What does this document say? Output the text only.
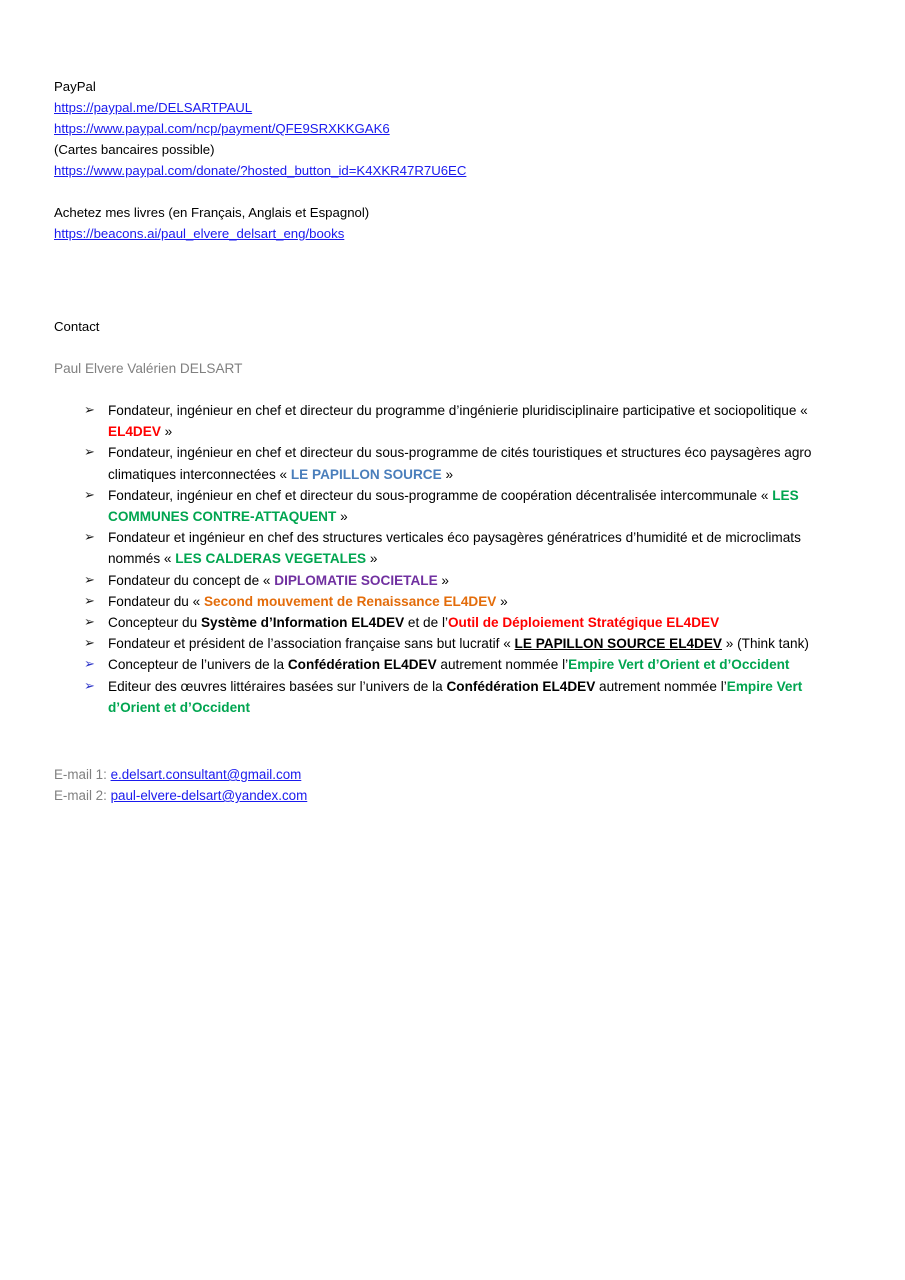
PayPal
https://paypal.me/DELSARTPAUL
https://www.paypal.com/ncp/payment/QFE9SRXKKGAK6
(Cartes bancaires possible)
https://www.paypal.com/donate/?hosted_button_id=K4XKR47R7U6EC
Achetez mes livres (en Français, Anglais et Espagnol)
https://beacons.ai/paul_elvere_delsart_eng/books
Contact
Paul Elvere Valérien DELSART
➢ Fondateur, ingénieur en chef et directeur du programme d’ingénierie pluridisciplinaire participative et sociopolitique « EL4DEV »
➢ Fondateur, ingénieur en chef et directeur du sous-programme de cités touristiques et structures éco paysagères agro climatiques interconnectées « LE PAPILLON SOURCE »
➢ Fondateur, ingénieur en chef et directeur du sous-programme de coopération décentralisée intercommunale « LES COMMUNES CONTRE-ATTAQUENT »
➢ Fondateur et ingénieur en chef des structures verticales éco paysagères génératrices d’humidité et de microclimats nommés « LES CALDERAS VEGETALES »
➢ Fondateur du concept de « DIPLOMATIE SOCIETALE »
➢ Fondateur du « Second mouvement de Renaissance EL4DEV »
➢ Concepteur du Système d’Information EL4DEV et de l’Outil de Déploiement Stratégique EL4DEV
➢ Fondateur et président de l’association française sans but lucratif « LE PAPILLON SOURCE EL4DEV » (Think tank)
➢ Concepteur de l’univers de la Confédération EL4DEV autrement nommée l’Empire Vert d’Orient et d’Occident
➢ Editeur des œuvres littéraires basées sur l’univers de la Confédération EL4DEV autrement nommée l’Empire Vert d’Orient et d’Occident
E-mail 1: e.delsart.consultant@gmail.com
E-mail 2: paul-elvere-delsart@yandex.com
